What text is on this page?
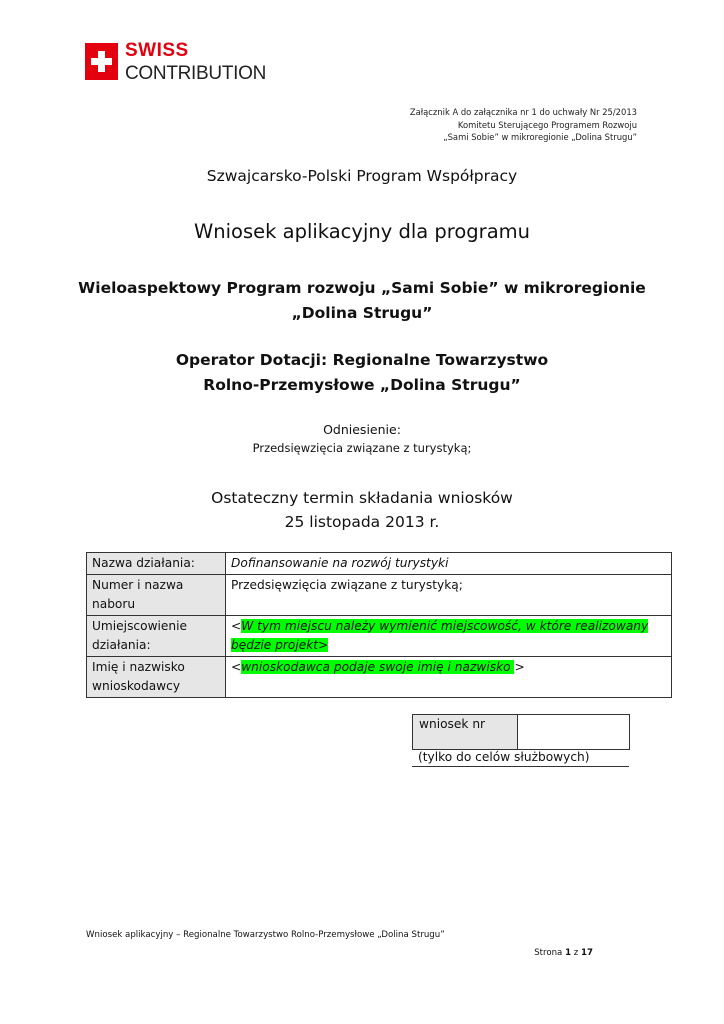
SWISS
CONTRIBUTION
Załącznik A do załącznika nr 1 do uchwały Nr 25/2013
Komitetu Sterującego Programem Rozwoju
„Sami Sobie” w mikroregionie „Dolina Strugu”
Szwajcarsko-Polski Program Współpracy
Wniosek aplikacyjny dla programu
Wieloaspektowy Program rozwoju „Sami Sobie” w mikroregionie
„Dolina Strugu”
Operator Dotacji: Regionalne Towarzystwo
Rolno-Przemysłowe „Dolina Strugu”
Odniesienie:
Przedsięwzięcia związane z turystyką;
Ostateczny termin składania wniosków
25 listopada 2013 r.
Nazwa działania:	Dofinansowanie na rozwój turystyki
Numer i nazwa naboru	Przedsięwzięcia związane z turystyką;
Umiejscowienie działania:	<W tym miejscu należy wymienić miejscowość, w które realizowany będzie projekt>
Imię i nazwisko wnioskodawcy	<wnioskodawca podaje swoje imię i nazwisko >
wniosek nr	
(tylko do celów służbowych)
Wniosek aplikacyjny – Regionalne Towarzystwo Rolno-Przemysłowe „Dolina Strugu”
Strona 1 z 17
